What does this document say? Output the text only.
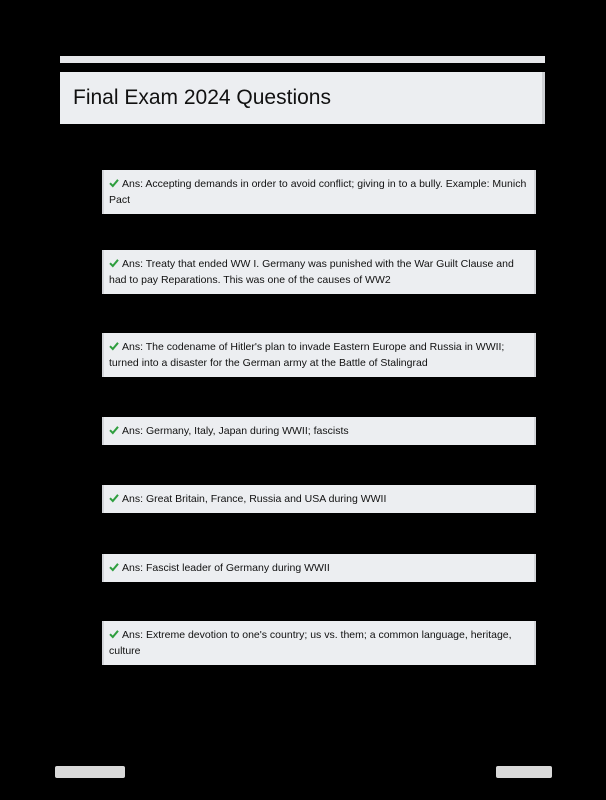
Final Exam 2024 Questions
Ans: Accepting demands in order to avoid conflict; giving in to a bully. Example: Munich Pact
Ans: Treaty that ended WW I. Germany was punished with the War Guilt Clause and had to pay Reparations. This was one of the causes of WW2
Ans: The codename of Hitler's plan to invade Eastern Europe and Russia in WWII; turned into a disaster for the German army at the Battle of Stalingrad
Ans: Germany, Italy, Japan during WWII; fascists
Ans: Great Britain, France, Russia and USA during WWII
Ans: Fascist leader of Germany during WWII
Ans: Extreme devotion to one's country; us vs. them; a common language, heritage, culture
